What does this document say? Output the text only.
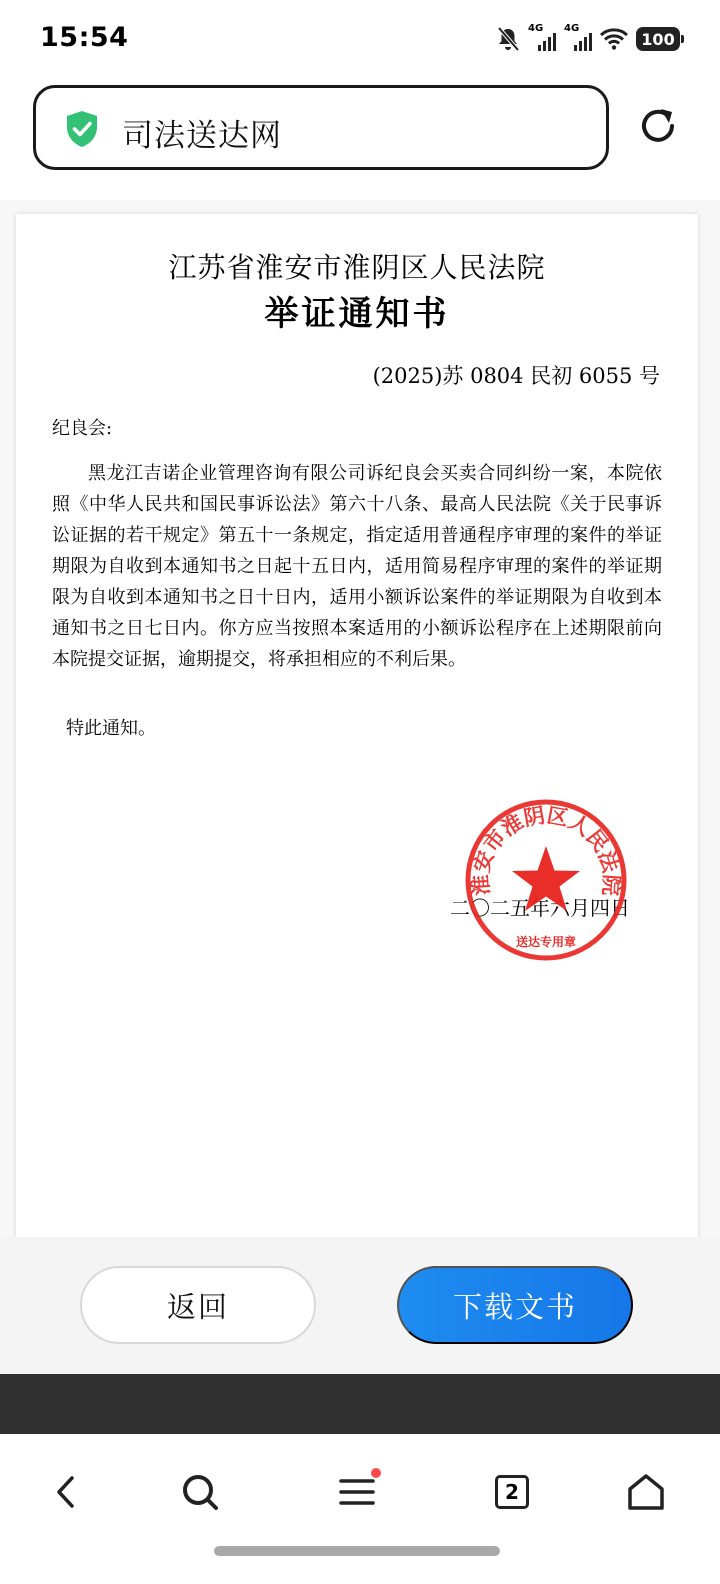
15:54	4G 4G
100
司法送达网
江苏省淮安市淮阴区人民法院
举证通知书
(2025)苏 0804 民初 6055 号
纪良会:
黑龙江吉诺企业管理咨询有限公司诉纪良会买卖合同纠纷一案，本院依照《中华人民共和国民事诉讼法》第六十八条、最高人民法院《关于民事诉讼证据的若干规定》第五十一条规定，指定适用普通程序审理的案件的举证期限为自收到本通知书之日起十五日内，适用简易程序审理的案件的举证期限为自收到本通知书之日十日内，适用小额诉讼案件的举证期限为自收到本通知书之日七日内。你方应当按照本案适用的小额诉讼程序在上述期限前向本院提交证据，逾期提交，将承担相应的不利后果。
特此通知。
二〇二五年六月四日
淮安市淮阴区人民法院
送达专用章
返回	下载文书
2
